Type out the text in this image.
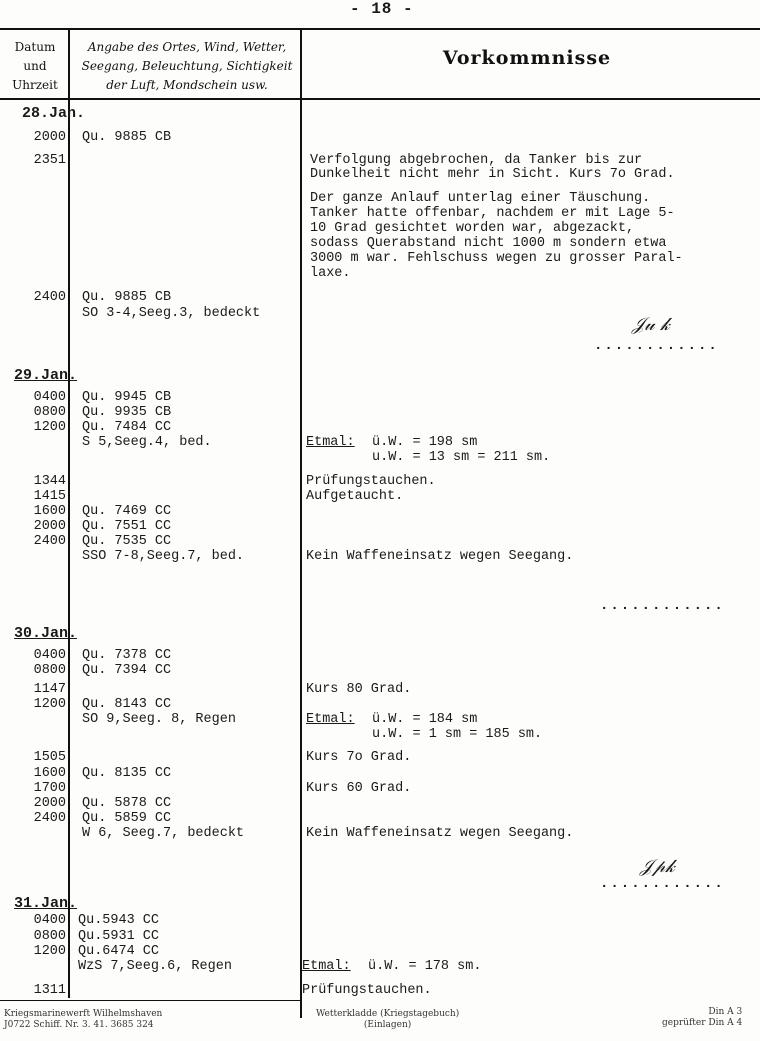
- 18 -
Datum
und
Uhrzeit
Angabe des Ortes, Wind, Wetter,
Seegang, Beleuchtung, Sichtigkeit
der Luft, Mondschein usw.
Vorkommnisse
28.Jan.
2000 Qu. 9885 CB
2351	Verfolgung abgebrochen, da Tanker bis zur
Dunkelheit nicht mehr in Sicht. Kurs 7o Grad.
Der ganze Anlauf unterlag einer Täuschung.
Tanker hatte offenbar, nachdem er mit Lage 5-
10 Grad gesichtet worden war, abgezackt,
sodass Querabstand nicht 1000 m sondern etwa
3000 m war. Fehlschuss wegen zu grosser Paral-
laxe.
2400 Qu. 9885 CB
SO 3-4,Seeg.3, bedeckt
𝒥𝓊 𝓀
............
29.Jan.
0400 Qu. 9945 CB
0800 Qu. 9935 CB
1200 Qu. 7484 CC
S 5,Seeg.4, bed.	Etmal: ü.W. = 198 sm
u.W. = 13 sm = 211 sm.
1344	Prüfungstauchen.
1415	Aufgetaucht.
1600 Qu. 7469 CC
2000 Qu. 7551 CC
2400 Qu. 7535 CC
SSO 7-8,Seeg.7, bed.	Kein Waffeneinsatz wegen Seegang.
............
30.Jan.
0400 Qu. 7378 CC
0800 Qu. 7394 CC
1147	Kurs 80 Grad.
1200 Qu. 8143 CC
SO 9,Seeg. 8, Regen	Etmal: ü.W. = 184 sm
u.W. = 1 sm = 185 sm.
1505	Kurs 7o Grad.
1600 Qu. 8135 CC
1700	Kurs 60 Grad.
2000 Qu. 5878 CC
2400 Qu. 5859 CC
W 6, Seeg.7, bedeckt	Kein Waffeneinsatz wegen Seegang.
𝒥𝓅𝓀
............
31.Jan.
0400 Qu.5943 CC
0800 Qu.5931 CC
1200 Qu.6474 CC
WzS 7,Seeg.6, Regen	Etmal: ü.W. = 178 sm.
1311	Prüfungstauchen.
Kriegsmarinewerft Wilhelmshaven
J0722 Schiff. Nr. 3. 41. 3685 324
Wetterkladde (Kriegstagebuch)
(Einlagen)
Din A 3
geprüfter Din A 4
